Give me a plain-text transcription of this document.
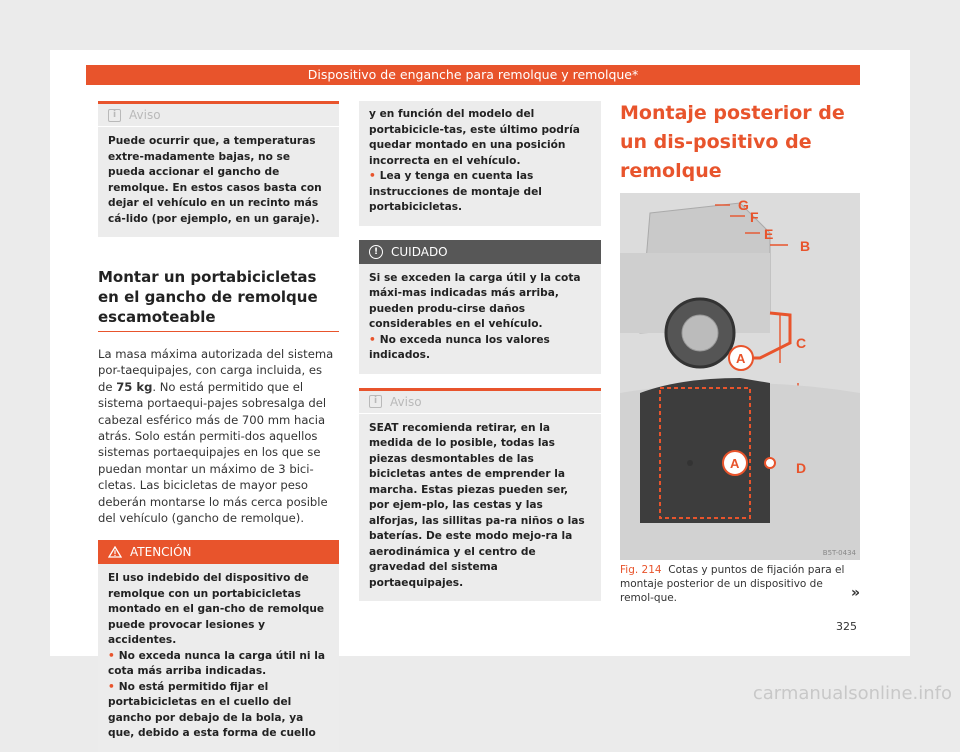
Dispositivo de enganche para remolque y remolque*
i	Aviso

Puede ocurrir que, a temperaturas extre-madamente bajas, no se pueda accionar el gancho de remolque. En estos casos basta con dejar el vehículo en un recinto más cá-lido (por ejemplo, en un garaje).

Montar un portabicicletas en el gancho de remolque escamoteable

La masa máxima autorizada del sistema por-taequipajes, con carga incluida, es de 75 kg. No está permitido que el sistema portaequi-pajes sobresalga del cabezal esférico más de 700 mm hacia atrás. Solo están permiti-dos aquellos sistemas portaequipajes en los que se puedan montar un máximo de 3 bici-cletas. Las bicicletas de mayor peso deberán montarse lo más cerca posible del vehículo (gancho de remolque).

ATENCIÓN

El uso indebido del dispositivo de remolque con un portabicicletas montado en el gan-cho de remolque puede provocar lesiones y accidentes.

• No exceda nunca la carga útil ni la cota más arriba indicadas.

• No está permitido fijar el portabicicletas en el cuello del gancho por debajo de la bola, ya que, debido a esta forma de cuello

y en función del modelo del portabicicle-tas, este último podría quedar montado en una posición incorrecta en el vehículo.

• Lea y tenga en cuenta las instrucciones de montaje del portabicicletas.

!	CUIDADO

Si se exceden la carga útil y la cota máxi-mas indicadas más arriba, pueden produ-cirse daños considerables en el vehículo.

• No exceda nunca los valores indicados.

i	Aviso

SEAT recomienda retirar, en la medida de lo posible, todas las piezas desmontables de las bicicletas antes de emprender la marcha. Estas piezas pueden ser, por ejem-plo, las cestas y las alforjas, las sillitas pa-ra niños o las baterías. De este modo mejo-ra la aerodinámica y el centro de gravedad del sistema portaequipajes.

Montaje posterior de un dis-positivo de remolque

G
F
E
B
C
A
A	D
B5T-0434
Fig. 214 Cotas y puntos de fijación para el montaje posterior de un dispositivo de remol-que.	»
325
carmanualsonline.info
